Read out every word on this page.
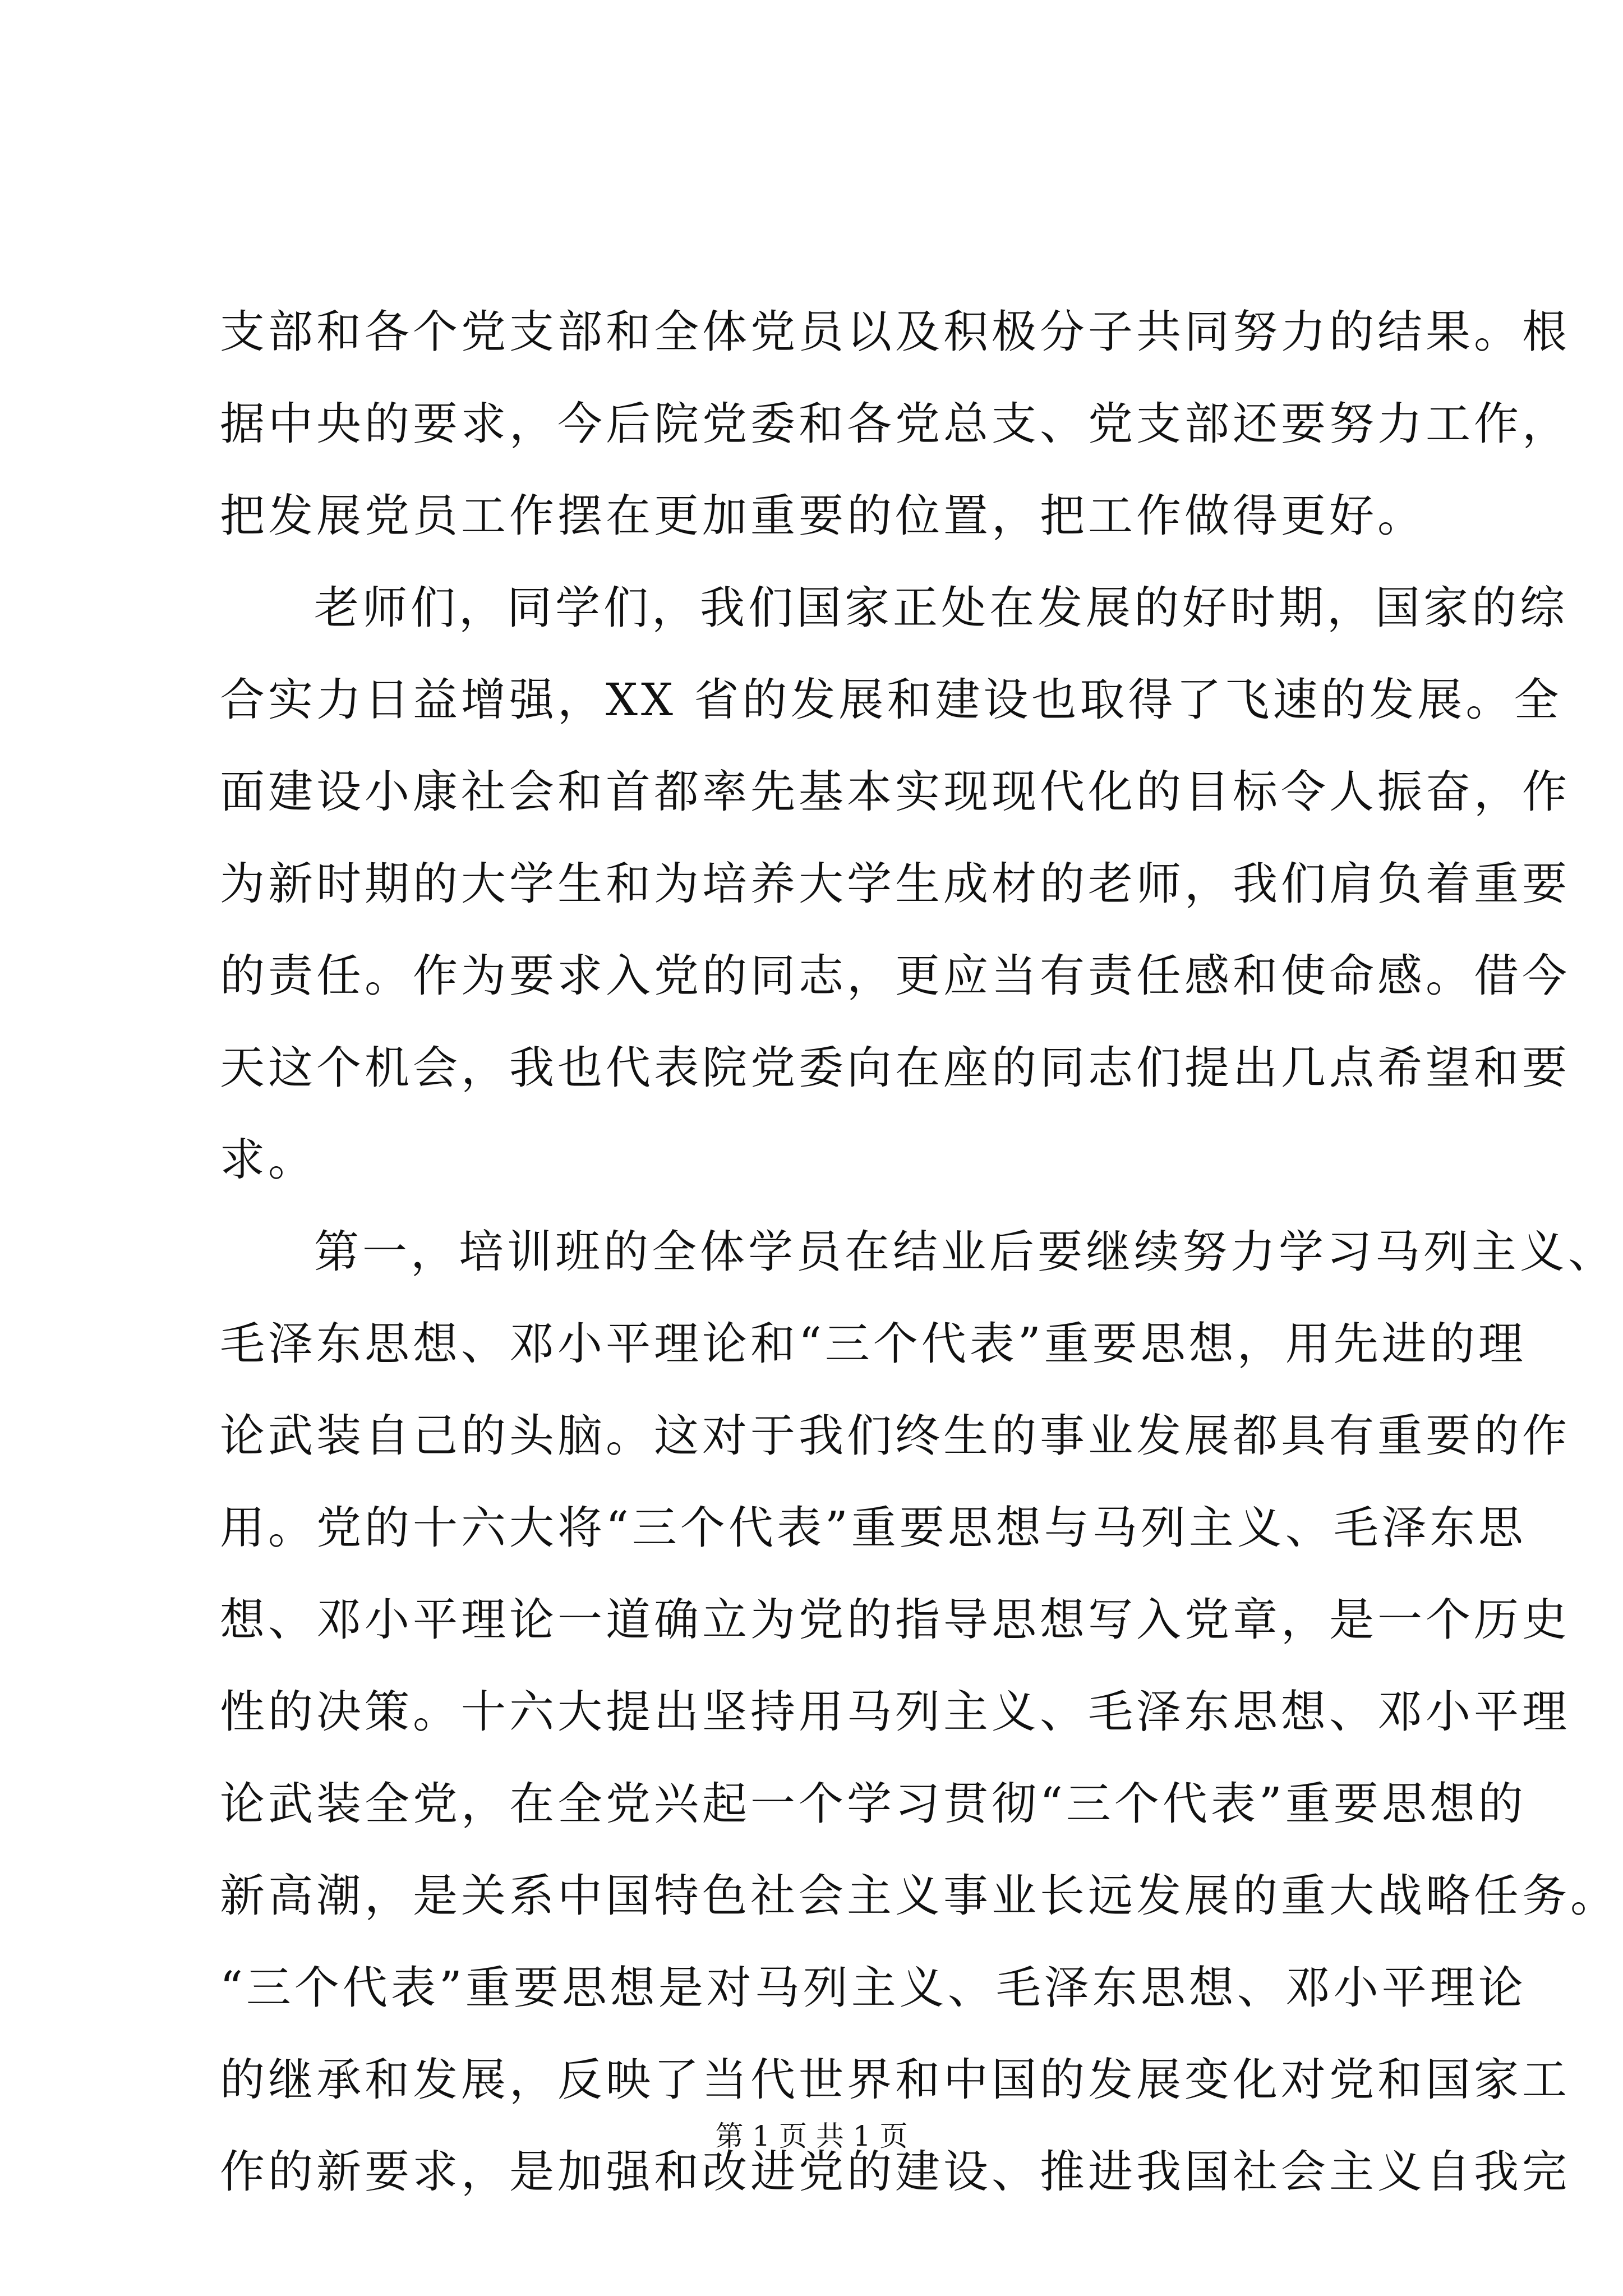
支部和各个党支部和全体党员以及积极分子共同努力的结果。根
据中央的要求，今后院党委和各党总支、党支部还要努力工作，
把发展党员工作摆在更加重要的位置，把工作做得更好。
老师们，同学们，我们国家正处在发展的好时期，国家的综
合实力日益增强，XX 省的发展和建设也取得了飞速的发展。全
面建设小康社会和首都率先基本实现现代化的目标令人振奋，作
为新时期的大学生和为培养大学生成材的老师，我们肩负着重要
的责任。作为要求入党的同志，更应当有责任感和使命感。借今
天这个机会，我也代表院党委向在座的同志们提出几点希望和要
求。
第一，培训班的全体学员在结业后要继续努力学习马列主义、
毛泽东思想、邓小平理论和“三个代表”重要思想，用先进的理
论武装自己的头脑。这对于我们终生的事业发展都具有重要的作
用。党的十六大将“三个代表”重要思想与马列主义、毛泽东思
想、邓小平理论一道确立为党的指导思想写入党章，是一个历史
性的决策。十六大提出坚持用马列主义、毛泽东思想、邓小平理
论武装全党，在全党兴起一个学习贯彻“三个代表”重要思想的
新高潮，是关系中国特色社会主义事业长远发展的重大战略任务。
“三个代表”重要思想是对马列主义、毛泽东思想、邓小平理论
的继承和发展，反映了当代世界和中国的发展变化对党和国家工
作的新要求，是加强和改进党的建设、推进我国社会主义自我完
第 1 页 共 1 页
